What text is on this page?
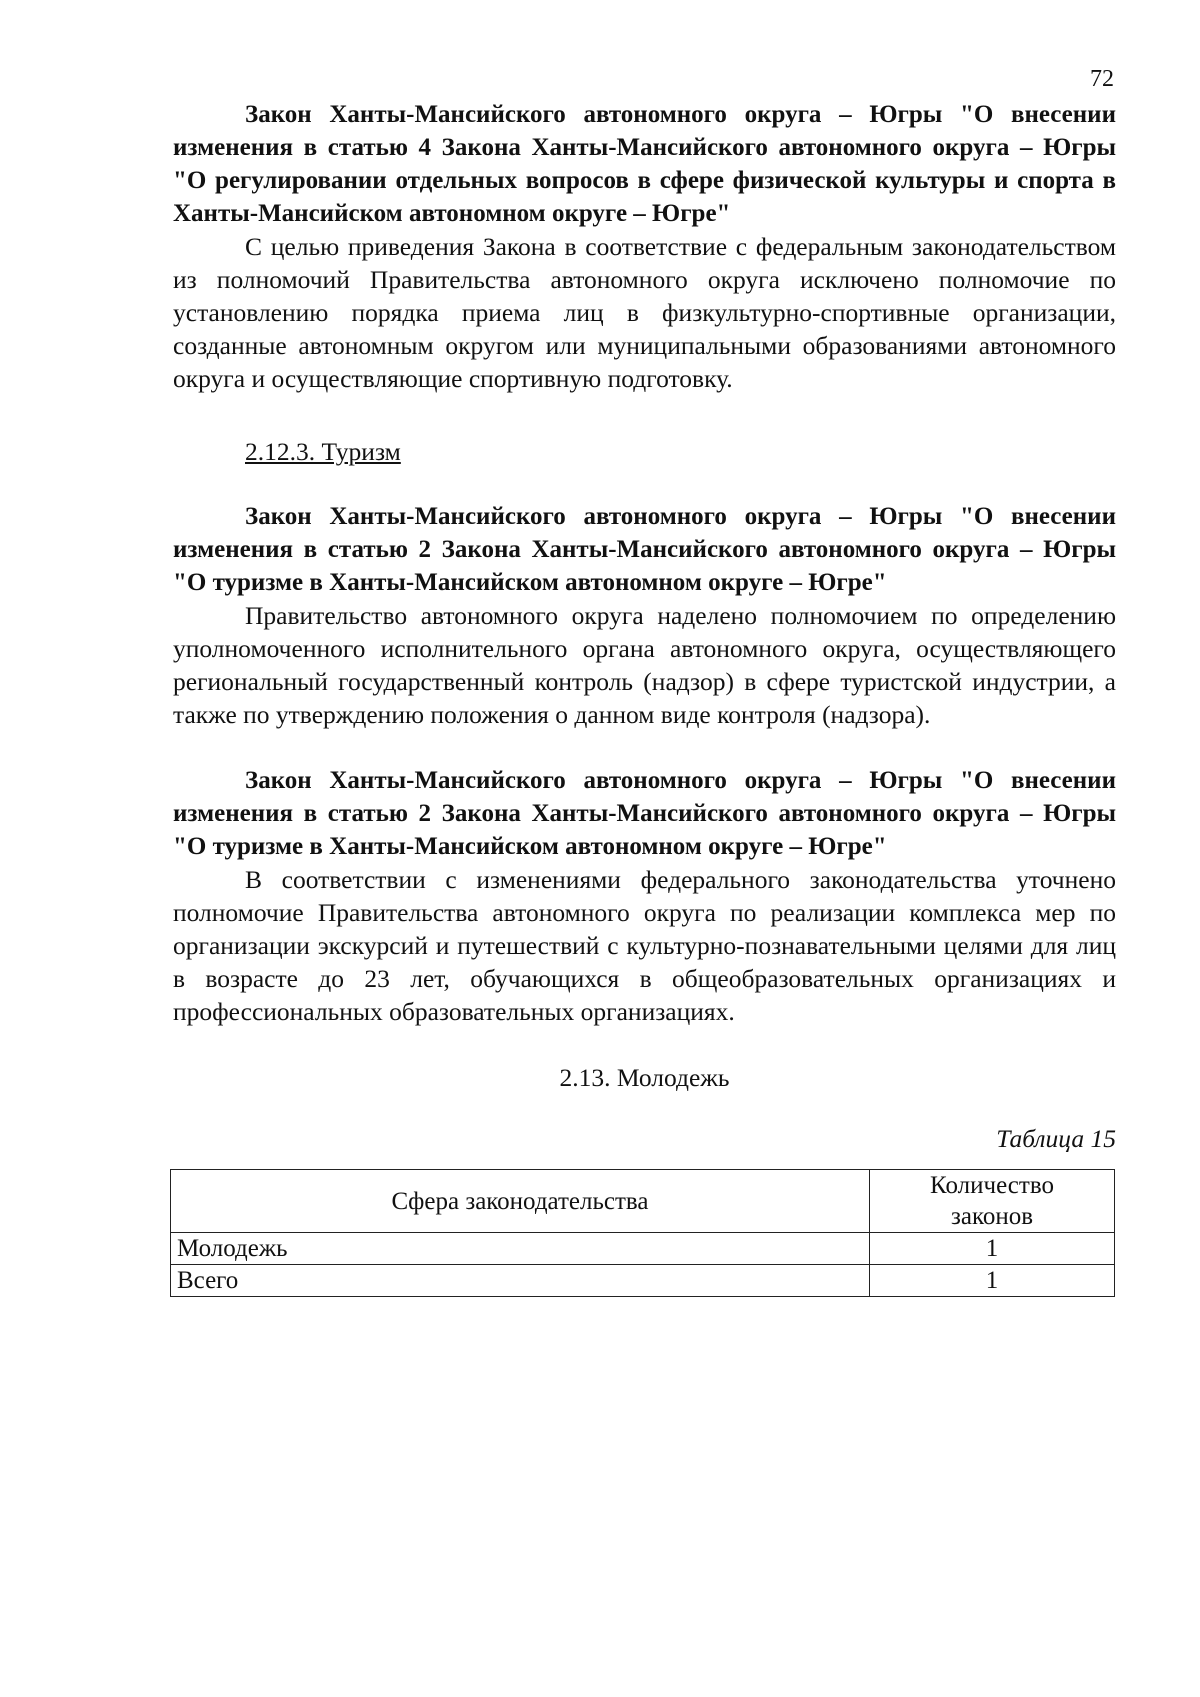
72

Закон Ханты-Мансийского автономного округа – Югры "О внесении изменения в статью 4 Закона Ханты-Мансийского автономного округа – Югры "О регулировании отдельных вопросов в сфере физической культуры и спорта в Ханты-Мансийском автономном округе – Югре"

С целью приведения Закона в соответствие с федеральным законодательством из полномочий Правительства автономного округа исключено полномочие по установлению порядка приема лиц в физкультурно-спортивные организации, созданные автономным округом или муниципальными образованиями автономного округа и осуществляющие спортивную подготовку.

2.12.3. Туризм

Закон Ханты-Мансийского автономного округа – Югры "О внесении изменения в статью 2 Закона Ханты-Мансийского автономного округа – Югры "О туризме в Ханты-Мансийском автономном округе – Югре"

Правительство автономного округа наделено полномочием по определению уполномоченного исполнительного органа автономного округа, осуществляющего региональный государственный контроль (надзор) в сфере туристской индустрии, а также по утверждению положения о данном виде контроля (надзора).

Закон Ханты-Мансийского автономного округа – Югры "О внесении изменения в статью 2 Закона Ханты-Мансийского автономного округа – Югры "О туризме в Ханты-Мансийском автономном округе – Югре"

В соответствии с изменениями федерального законодательства уточнено полномочие Правительства автономного округа по реализации комплекса мер по организации экскурсий и путешествий с культурно-познавательными целями для лиц в возрасте до 23 лет, обучающихся в общеобразовательных организациях и профессиональных образовательных организациях.

2.13. Молодежь

Таблица 15

Сфера законодательства	Количество
законов
Молодежь	1
Всего	1
